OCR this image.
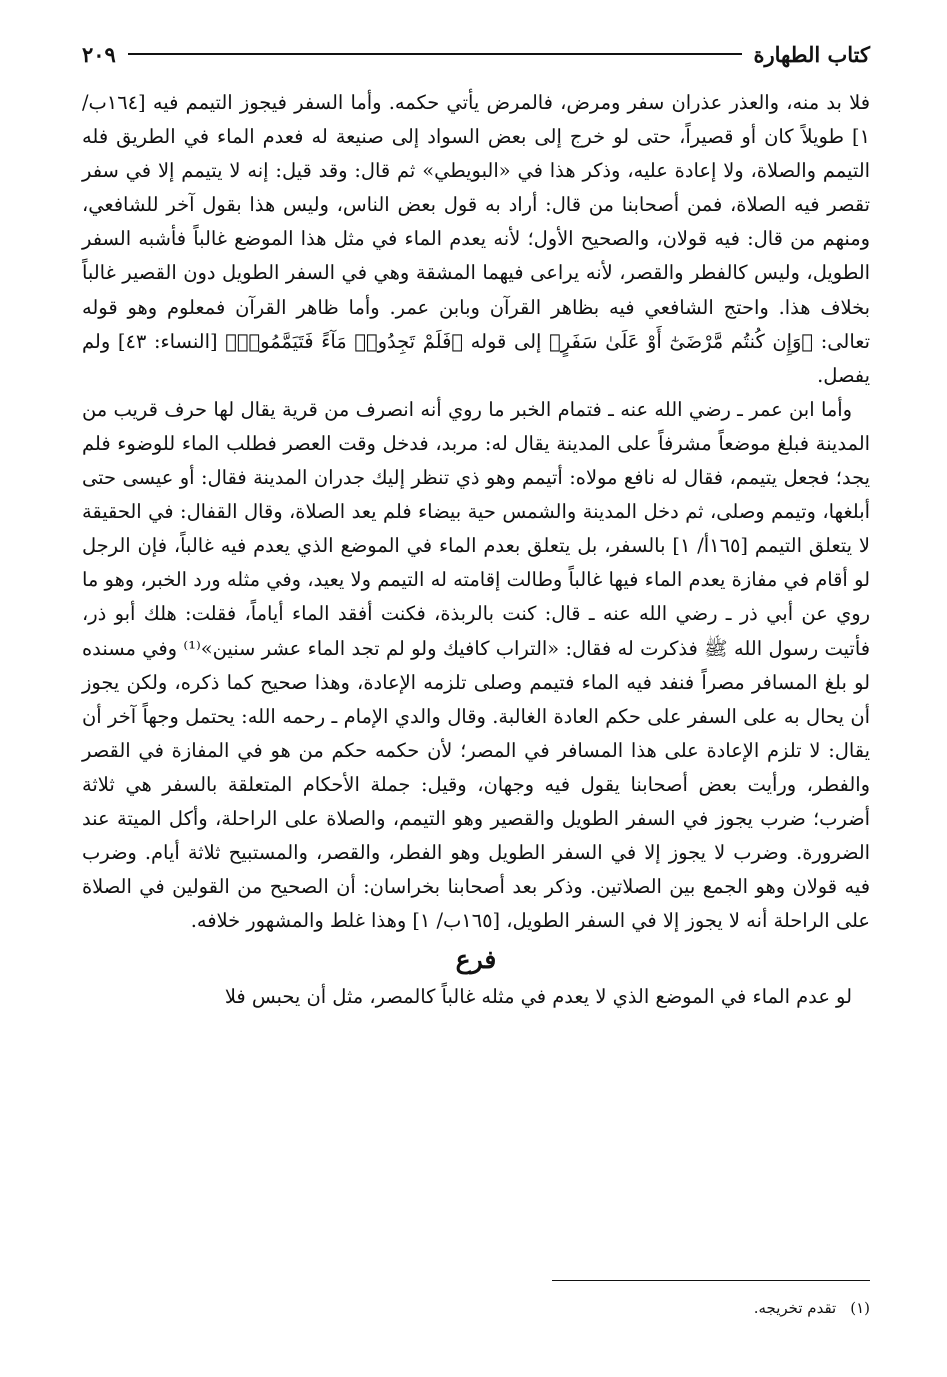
كتاب الطهارة
٢٠٩

فلا بد منه، والعذر عذران سفر ومرض، فالمرض يأتي حكمه. وأما السفر فيجوز التيمم فيه [١٦٤ب/ ١] طويلاً كان أو قصيراً، حتى لو خرج إلى بعض السواد إلى صنيعة له فعدم الماء في الطريق فله التيمم والصلاة، ولا إعادة عليه، وذكر هذا في «البويطي» ثم قال: وقد قيل: إنه لا يتيمم إلا في سفر تقصر فيه الصلاة، فمن أصحابنا من قال: أراد به قول بعض الناس، وليس هذا بقول آخر للشافعي، ومنهم من قال: فيه قولان، والصحيح الأول؛ لأنه يعدم الماء في مثل هذا الموضع غالباً فأشبه السفر الطويل، وليس كالفطر والقصر، لأنه يراعى فيهما المشقة وهي في السفر الطويل دون القصير غالباً بخلاف هذا. واحتج الشافعي فيه بظاهر القرآن وبابن عمر. وأما ظاهر القرآن فمعلوم وهو قوله تعالى: ﴿وَإِن كُنتُم مَّرْضَىٰٓ أَوْ عَلَىٰ سَفَرٍ﴾ إلى قوله ﴿فَلَمْ تَجِدُوا۟ مَآءً فَتَيَمَّمُوا۟﴾ [النساء: ٤٣] ولم يفصل.

وأما ابن عمر ـ رضي الله عنه ـ فتمام الخبر ما روي أنه انصرف من قرية يقال لها حرف قريب من المدينة فبلغ موضعاً مشرفاً على المدينة يقال له: مربد، فدخل وقت العصر فطلب الماء للوضوء فلم يجد؛ فجعل يتيمم، فقال له نافع مولاه: أتيمم وهو ذي تنظر إليك جدران المدينة فقال: أو عيسى حتى أبلغها، وتيمم وصلى، ثم دخل المدينة والشمس حية بيضاء فلم يعد الصلاة، وقال القفال: في الحقيقة لا يتعلق التيمم [١٦٥أ/ ١] بالسفر، بل يتعلق بعدم الماء في الموضع الذي يعدم فيه غالباً، فإن الرجل لو أقام في مفازة يعدم الماء فيها غالباً وطالت إقامته له التيمم ولا يعيد، وفي مثله ورد الخبر، وهو ما روي عن أبي ذر ـ رضي الله عنه ـ قال: كنت بالربذة، فكنت أفقد الماء أياماً، فقلت: هلك أبو ذر، فأتيت رسول الله ﷺ فذكرت له فقال: «التراب كافيك ولو لم تجد الماء عشر سنين»⁽¹⁾ وفي مسنده لو بلغ المسافر مصراً فنفد فيه الماء فتيمم وصلى تلزمه الإعادة، وهذا صحيح كما ذكره، ولكن يجوز أن يحال به على السفر على حكم العادة الغالبة. وقال والدي الإمام ـ رحمه الله: يحتمل وجهاً آخر أن يقال: لا تلزم الإعادة على هذا المسافر في المصر؛ لأن حكمه حكم من هو في المفازة في القصر والفطر، ورأيت بعض أصحابنا يقول فيه وجهان، وقيل: جملة الأحكام المتعلقة بالسفر هي ثلاثة أضرب؛ ضرب يجوز في السفر الطويل والقصير وهو التيمم، والصلاة على الراحلة، وأكل الميتة عند الضرورة. وضرب لا يجوز إلا في السفر الطويل وهو الفطر، والقصر، والمستبيح ثلاثة أيام. وضرب فيه قولان وهو الجمع بين الصلاتين. وذكر بعد أصحابنا بخراسان: أن الصحيح من القولين في الصلاة على الراحلة أنه لا يجوز إلا في السفر الطويل، [١٦٥ب/ ١] وهذا غلط والمشهور خلافه.

فرع

لو عدم الماء في الموضع الذي لا يعدم في مثله غالباً كالمصر، مثل أن يحبس فلا

(١)تقدم تخريجه.
